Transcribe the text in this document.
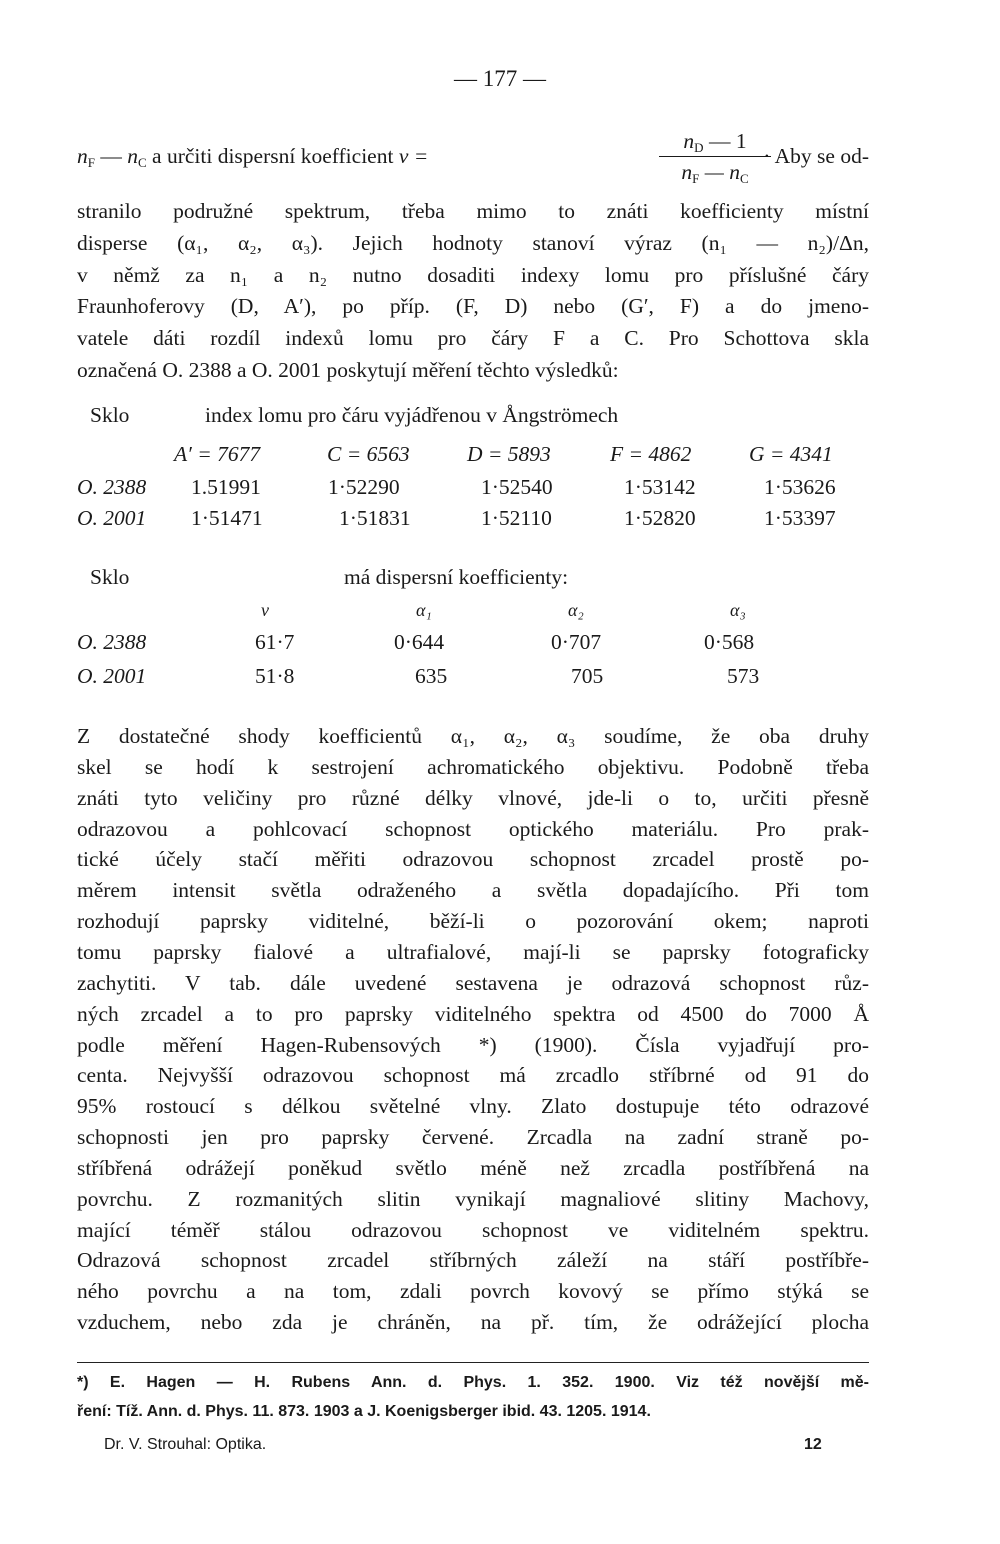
— 177 —
$n_F$ — $n_C$ a určiti dispersní koefficient ν =
$n_D$ — 1
$n_F$ — $n_C$
· Aby se od-
stranilo podružné spektrum, třeba mimo to znáti koefficienty místní
disperse (α₁, α₂, α₃). Jejich hodnoty stanoví výraz (n₁ — n₂)/Δn,
v němž za n₁ a n₂ nutno dosaditi indexy lomu pro příslušné čáry
Fraunhoferovy (D, A′), po příp. (F, D) nebo (G′, F) a do jmeno-
vatele dáti rozdíl indexů lomu pro čáry F a C. Pro Schottova skla
označená O. 2388 a O. 2001 poskytují měření těchto výsledků:
Sklo	index lomu pro čáru vyjádřenou v Ångströmech
A′ = 7677	C = 6563	D = 5893	F = 4862	G = 4341
O. 2388 1.51991	1·52290	1·52540	1·53142	1·53626
O. 2001 1·51471	1·51831	1·52110	1·52820	1·53397
Sklo	má dispersní koefficienty:
ν	α₁	α₂	α₃
O. 2388	61·7	0·644	0·707	0·568
O. 2001	51·8	635	705	573
Z dostatečné shody koefficientů α₁, α₂, α₃ soudíme, že oba druhy
skel se hodí k sestrojení achromatického objektivu. Podobně třeba
znáti tyto veličiny pro různé délky vlnové, jde-li o to, určiti přesně
odrazovou a pohlcovací schopnost optického materiálu. Pro prak-
tické účely stačí měřiti odrazovou schopnost zrcadel prostě po-
měrem intensit světla odraženého a světla dopadajícího. Při tom
rozhodují paprsky viditelné, běží-li o pozorování okem; naproti
tomu paprsky fialové a ultrafialové, mají-li se paprsky fotograficky
zachytiti. V tab. dále uvedené sestavena je odrazová schopnost růz-
ných zrcadel a to pro paprsky viditelného spektra od 4500 do 7000 Å
podle měření Hagen-Rubensových *) (1900). Čísla vyjadřují pro-
centa. Nejvyšší odrazovou schopnost má zrcadlo stříbrné od 91 do
95% rostoucí s délkou světelné vlny. Zlato dostupuje této odrazové
schopnosti jen pro paprsky červené. Zrcadla na zadní straně po-
stříbřená odrážejí poněkud světlo méně než zrcadla postříbřená na
povrchu. Z rozmanitých slitin vynikají magnaliové slitiny Machovy,
mající téměř stálou odrazovou schopnost ve viditelném spektru.
Odrazová schopnost zrcadel stříbrných záleží na stáří postříbře-
ného povrchu a na tom, zdali povrch kovový se přímo stýká se
vzduchem, nebo zda je chráněn, na př. tím, že odrážející plocha
*) E. Hagen — H. Rubens Ann. d. Phys. 1. 352. 1900. Viz též novější mě-
ření: Tíž. Ann. d. Phys. 11. 873. 1903 a J. Koenigsberger ibid. 43. 1205. 1914.
Dr. V. Strouhal: Optika.	12
